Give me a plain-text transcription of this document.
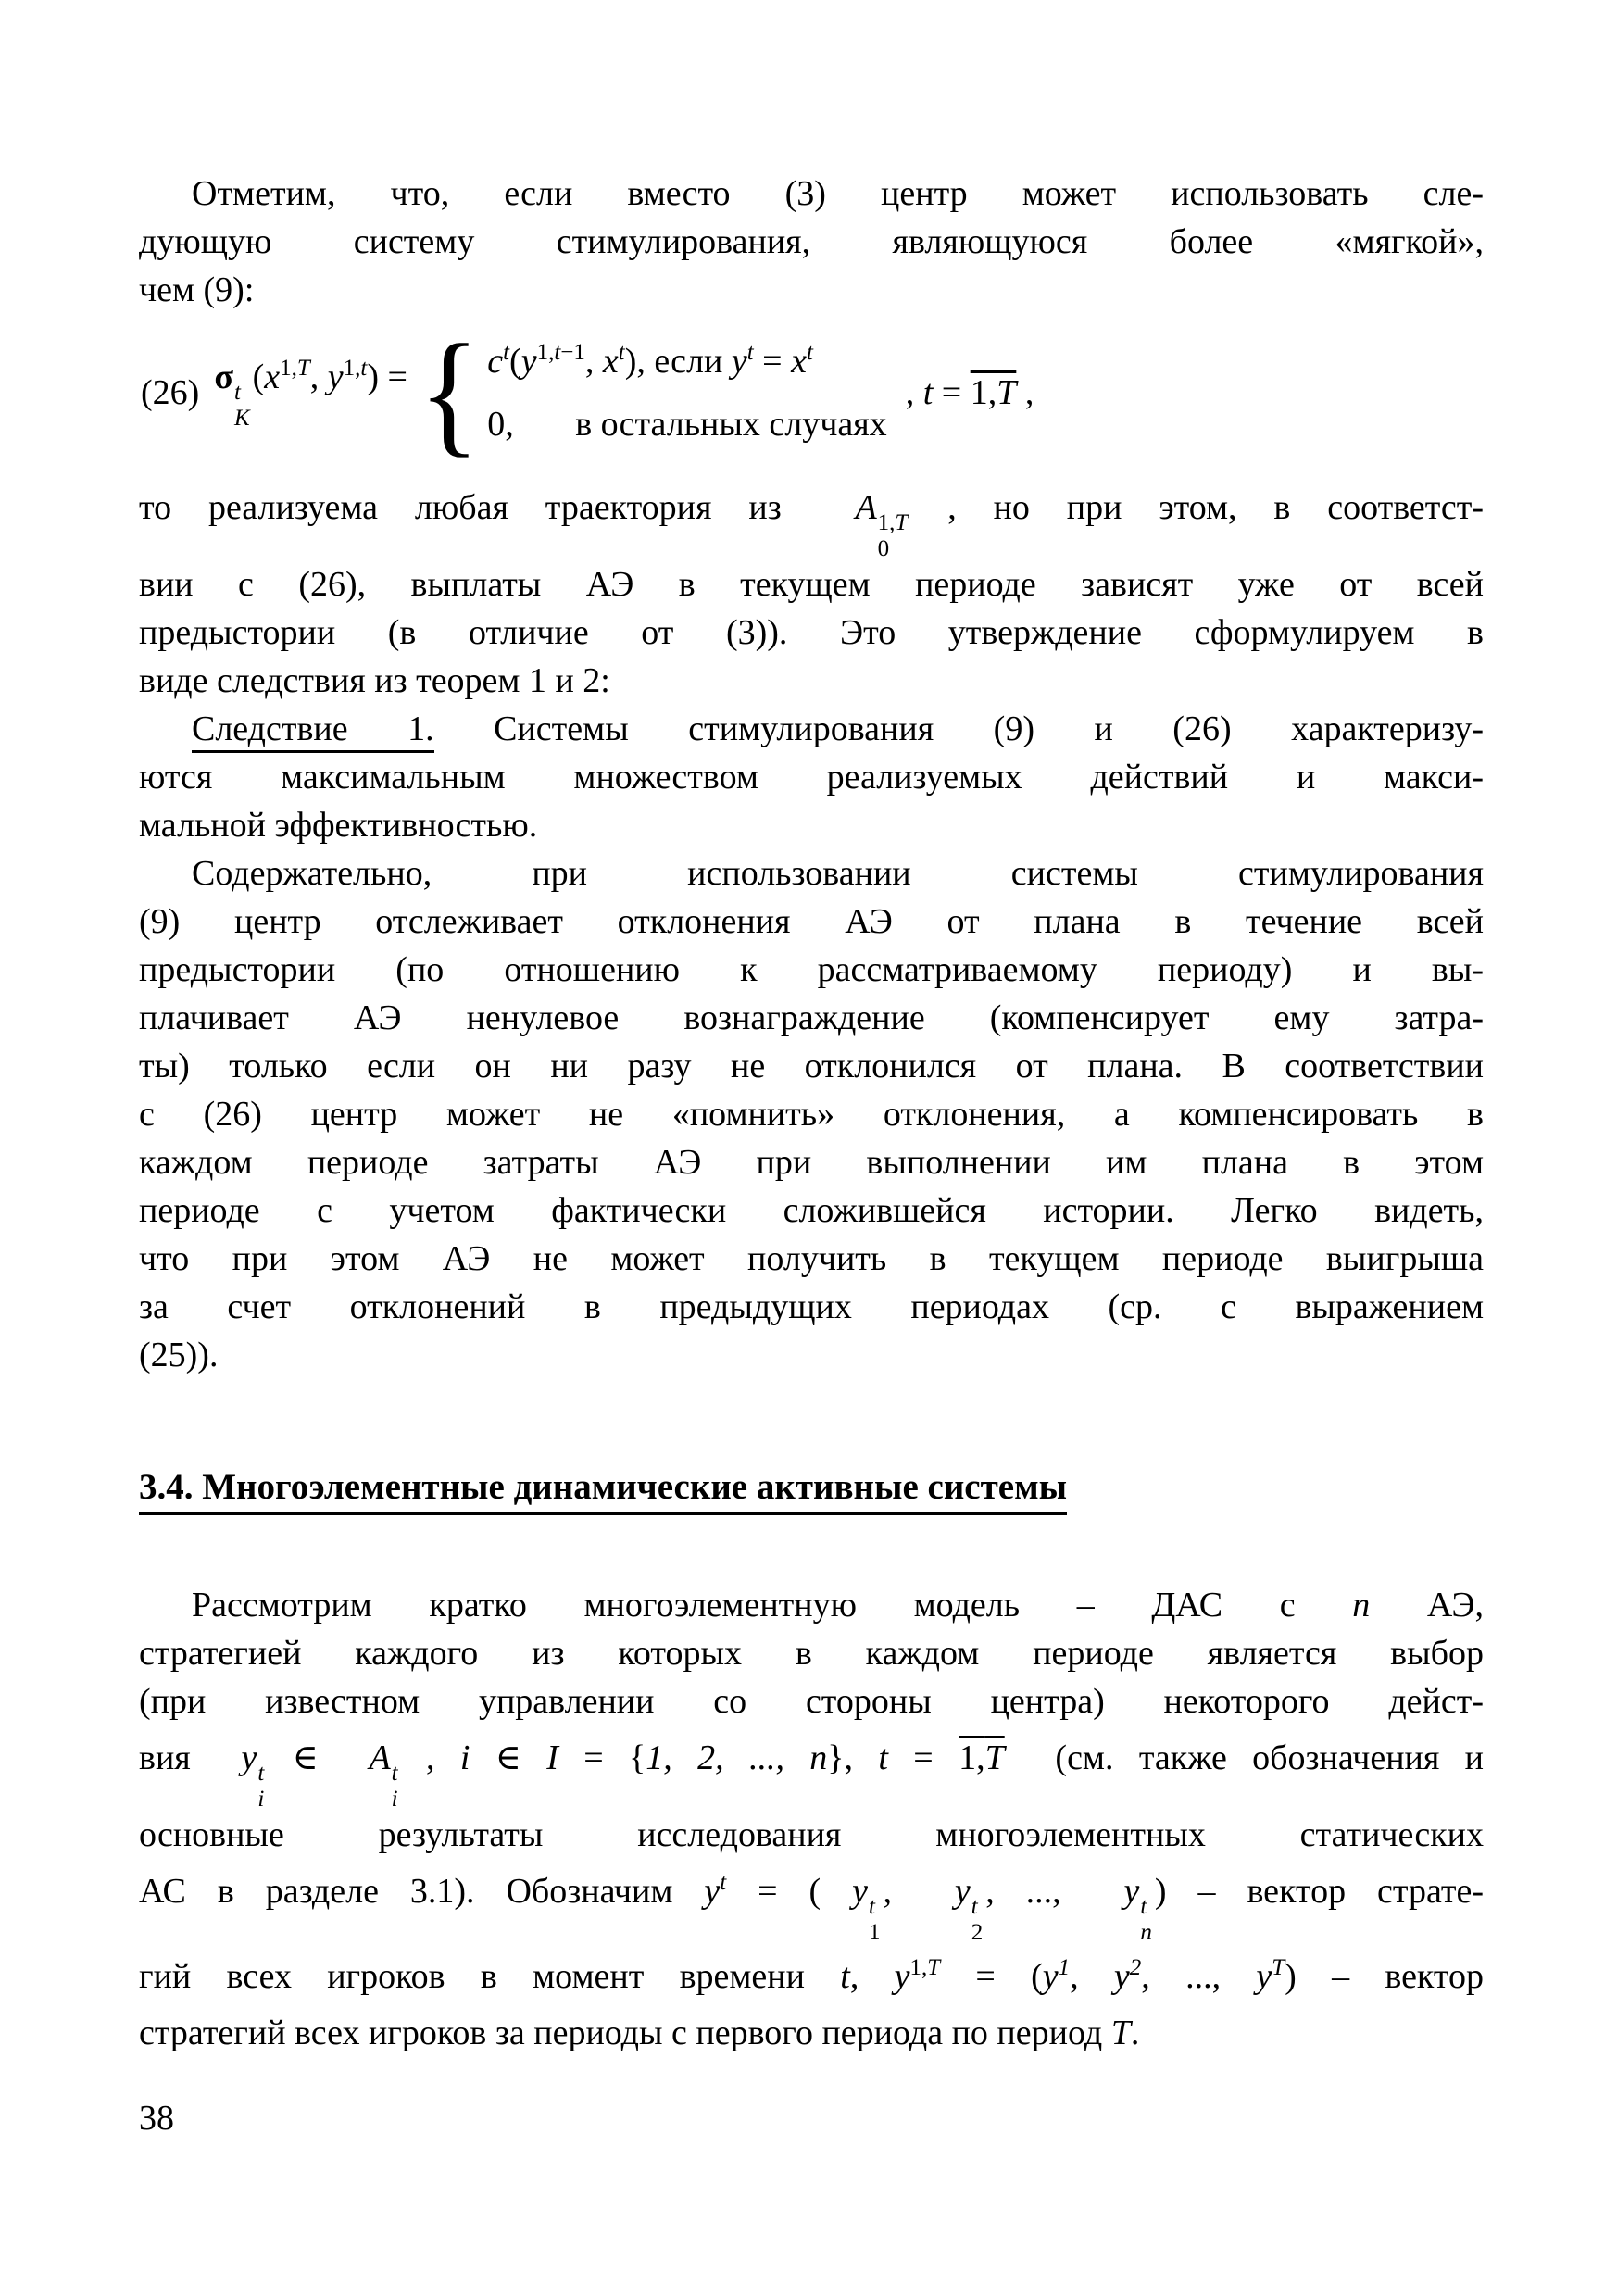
Отметим, что, если вместо (3) центр может использовать сле-
дующую систему стимулирования, являющуюся более «мягкой»,
чем (9):
(26) σ t
К
($x^{1,T}$, $y^{1,t}$) = { $c^t(y^{1,t-1}$, $x^t$), если $y^t = x^t$
0,       в остальных случаях
, t = 1,T ,
то реализуема любая траектория из  A 1,T
0
, но при этом, в соответст-
вии с (26), выплаты АЭ в текущем периоде зависят уже от всей
предыстории (в отличие от (3)). Это утверждение сформулируем в
виде следствия из теорем 1 и 2:
Следствие 1. Системы стимулирования (9) и (26) характеризу-
ются максимальным множеством реализуемых действий и макси-
мальной эффективностью.
Содержательно, при использовании системы стимулирования
(9) центр отслеживает отклонения АЭ от плана в течение всей
предыстории (по отношению к рассматриваемому периоду) и вы-
плачивает АЭ ненулевое вознаграждение (компенсирует ему затра-
ты) только если он ни разу не отклонился от плана. В соответствии
с (26) центр может не «помнить» отклонения, а компенсировать в
каждом периоде затраты АЭ при выполнении им плана в этом
периоде с учетом фактически сложившейся истории. Легко видеть,
что при этом АЭ не может получить в текущем периоде выигрыша
за счет отклонений в предыдущих периодах (ср. с выражением
(25)).
3.4. Многоэлементные динамические активные системы
Рассмотрим кратко многоэлементную модель – ДАС с n АЭ,
стратегией каждого из которых в каждом периоде является выбор
(при известном управлении со стороны центра) некоторого дейст-
вия  y t
i
∈  A t
i
, i ∈ I = {1, 2, ..., n}, t = 1,T  (см. также обозначения и
основные результаты исследования многоэлементных статических
АС в разделе 3.1). Обозначим $y^t$ = ( y t
1
,  y t
2
, ...,  y t
n
) – вектор страте-
гий всех игроков в момент времени t, $y^{1,T} = (y^1$, $y^2$, ..., $y^T$) – вектор
стратегий всех игроков за периоды с первого периода по период T.
38
